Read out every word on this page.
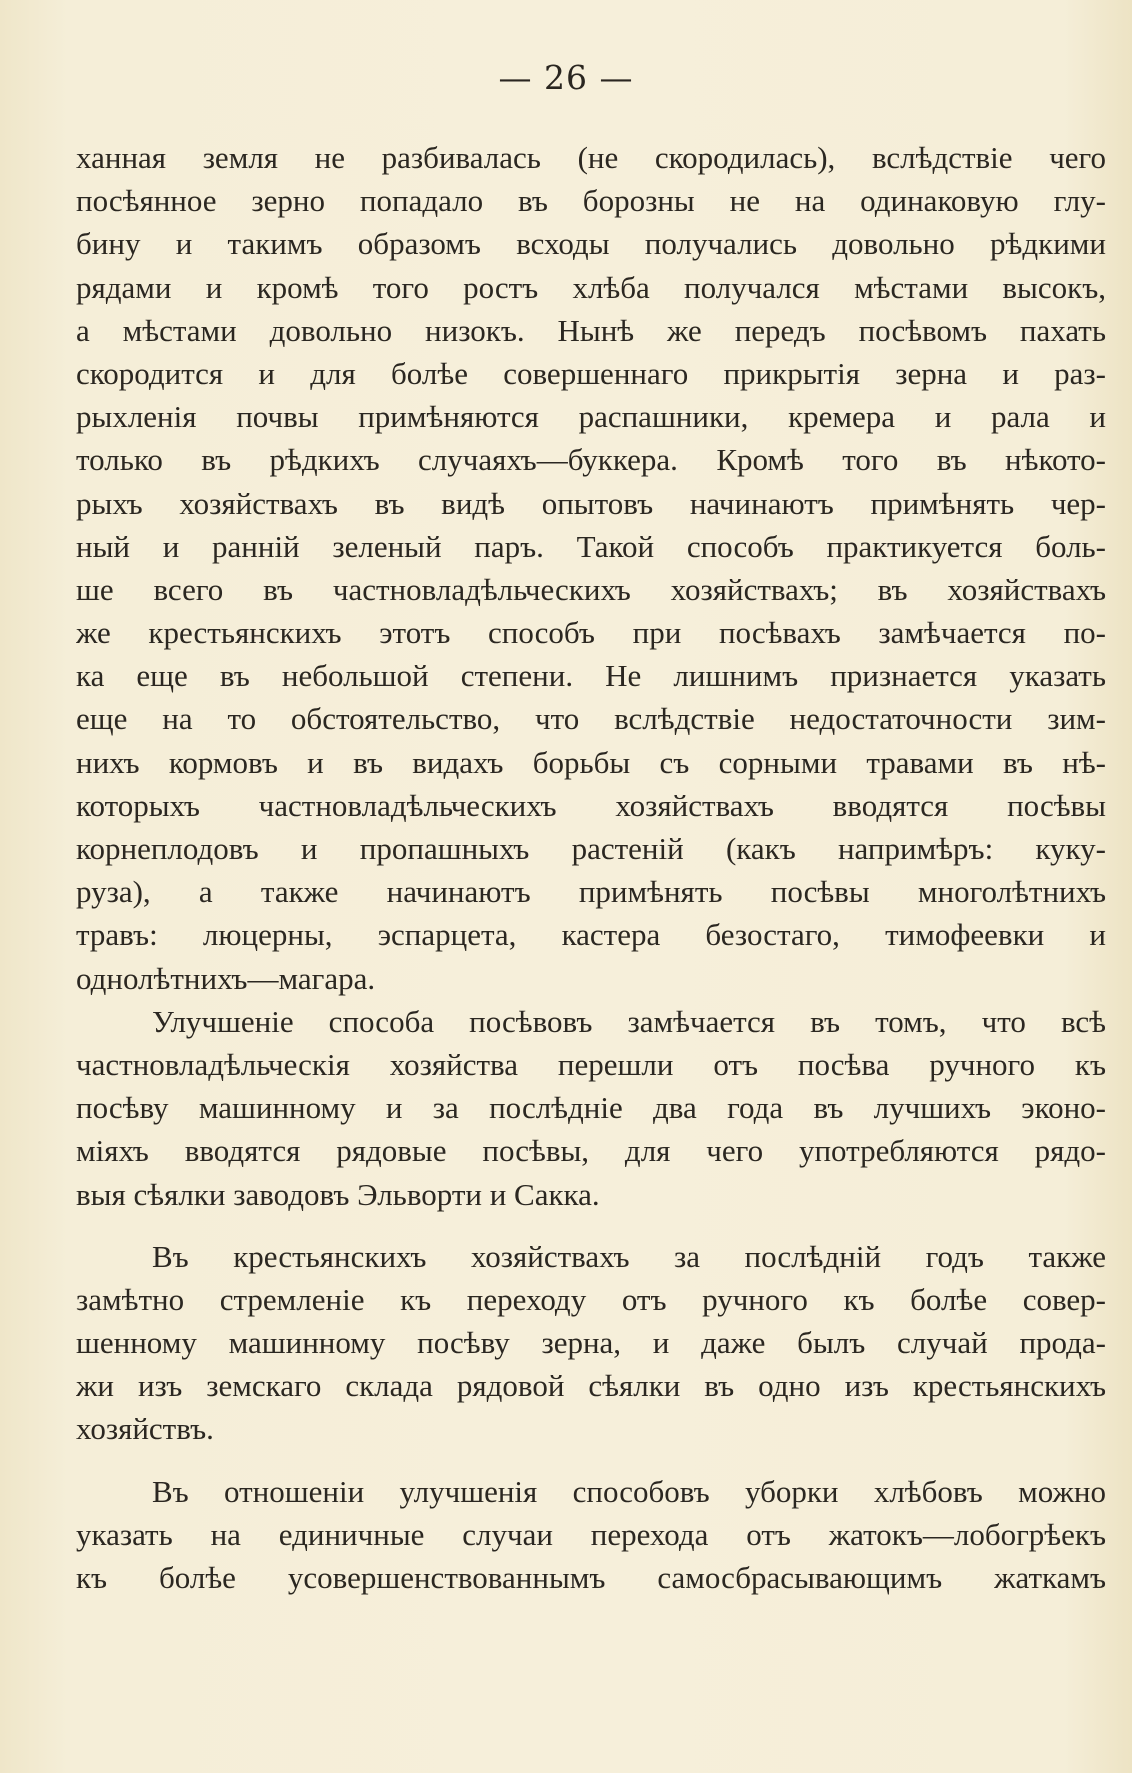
— 26 —
ханная земля не разбивалась (не скородилась), вслѣдствіе чего
посѣянное зерно попадало въ борозны не на одинаковую глу-
бину и такимъ образомъ всходы получались довольно рѣдкими
рядами и кромѣ того ростъ хлѣба получался мѣстами высокъ,
а мѣстами довольно низокъ. Нынѣ же передъ посѣвомъ пахать
скородится и для болѣе совершеннаго прикрытія зерна и раз-
рыхленія почвы примѣняются распашники, кремера и рала и
только въ рѣдкихъ случаяхъ—буккера. Кромѣ того въ нѣкото-
рыхъ хозяйствахъ въ видѣ опытовъ начинаютъ примѣнять чер-
ный и ранній зеленый паръ. Такой способъ практикуется боль-
ше всего въ частновладѣльческихъ хозяйствахъ; въ хозяйствахъ
же крестьянскихъ этотъ способъ при посѣвахъ замѣчается по-
ка еще въ небольшой степени. Не лишнимъ признается указать
еще на то обстоятельство, что вслѣдствіе недостаточности зим-
нихъ кормовъ и въ видахъ борьбы съ сорными травами въ нѣ-
которыхъ частновладѣльческихъ хозяйствахъ вводятся посѣвы
корнеплодовъ и пропашныхъ растеній (какъ напримѣръ: куку-
руза), а также начинаютъ примѣнять посѣвы многолѣтнихъ
травъ: люцерны, эспарцета, кастера безостаго, тимофеевки и
однолѣтнихъ—магара.
Улучшеніе способа посѣвовъ замѣчается въ томъ, что всѣ
частновладѣльческія хозяйства перешли отъ посѣва ручного къ
посѣву машинному и за послѣдніе два года въ лучшихъ эконо-
міяхъ вводятся рядовые посѣвы, для чего употребляются рядо-
выя сѣялки заводовъ Эльворти и Сакка.
Въ крестьянскихъ хозяйствахъ за послѣдній годъ также
замѣтно стремленіе къ переходу отъ ручного къ болѣе совер-
шенному машинному посѣву зерна, и даже былъ случай прода-
жи изъ земскаго склада рядовой сѣялки въ одно изъ крестьянскихъ
хозяйствъ.
Въ отношеніи улучшенія способовъ уборки хлѣбовъ можно
указать на единичные случаи перехода отъ жатокъ—лобогрѣекъ
къ болѣе усовершенствованнымъ самосбрасывающимъ жаткамъ
